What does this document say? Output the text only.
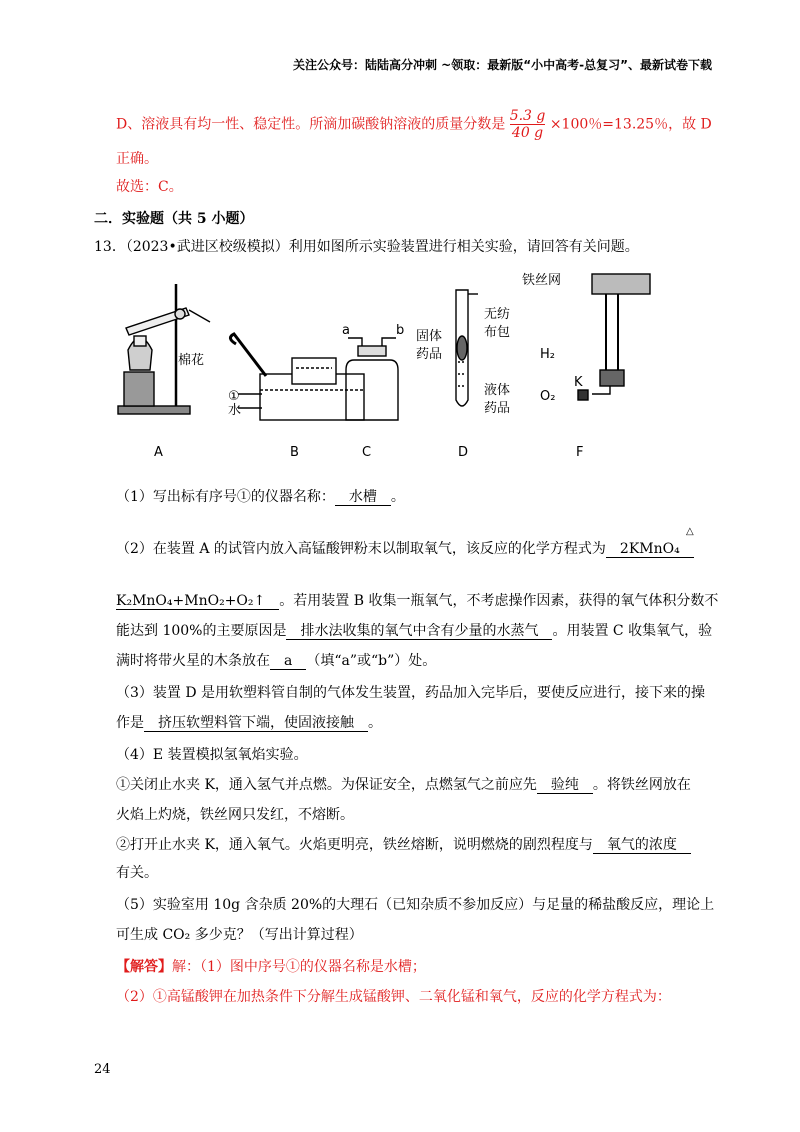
关注公众号：陆陆高分冲刺 ~领取：最新版“小中高考-总复习”、最新试卷下载
D、溶液具有均一性、稳定性。所滴加碳酸钠溶液的质量分数是 $\frac{5.3 g}{40 g} \times 100$％=13.25％，故 D
正确。
故选：C。
二．实验题（共 5 小题）
13．（2023•武进区校级模拟）利用如图所示实验装置进行相关实验，请回答有关问题。
棉花
①
水
a	b 固体
药品
无纺
布包
液体
药品
铁丝网
H₂
O₂
K
A	B	C	D	F
（1）写出标有序号①的仪器名称： 水槽 。
（2）在装置 A 的试管内放入高锰酸钾粉末以制取氧气，该反应的化学方程式为 2KMnO₄
△
K₂MnO₄+MnO₂+O₂↑ 。若用装置 B 收集一瓶氧气，不考虑操作因素，获得的氧气体积分数不
能达到 100%的主要原因是 排水法收集的氧气中含有少量的水蒸气 。用装置 C 收集氧气，验
满时将带火星的木条放在 a （填“a”或“b”）处。
（3）装置 D 是用软塑料管自制的气体发生装置，药品加入完毕后，要使反应进行，接下来的操
作是 挤压软塑料管下端，使固液接触 。
（4）E 装置模拟氢氧焰实验。
①关闭止水夹 K，通入氢气并点燃。为保证安全，点燃氢气之前应先 验纯 。将铁丝网放在
火焰上灼烧，铁丝网只发红，不熔断。
②打开止水夹 K，通入氧气。火焰更明亮，铁丝熔断，说明燃烧的剧烈程度与 氧气的浓度
有关。
（5）实验室用 10g 含杂质 20%的大理石（已知杂质不参加反应）与足量的稀盐酸反应，理论上
可生成 CO₂ 多少克？（写出计算过程）
【解答】解：（1）图中序号①的仪器名称是水槽；
（2）①高锰酸钾在加热条件下分解生成锰酸钾、二氧化锰和氧气，反应的化学方程式为：
24
